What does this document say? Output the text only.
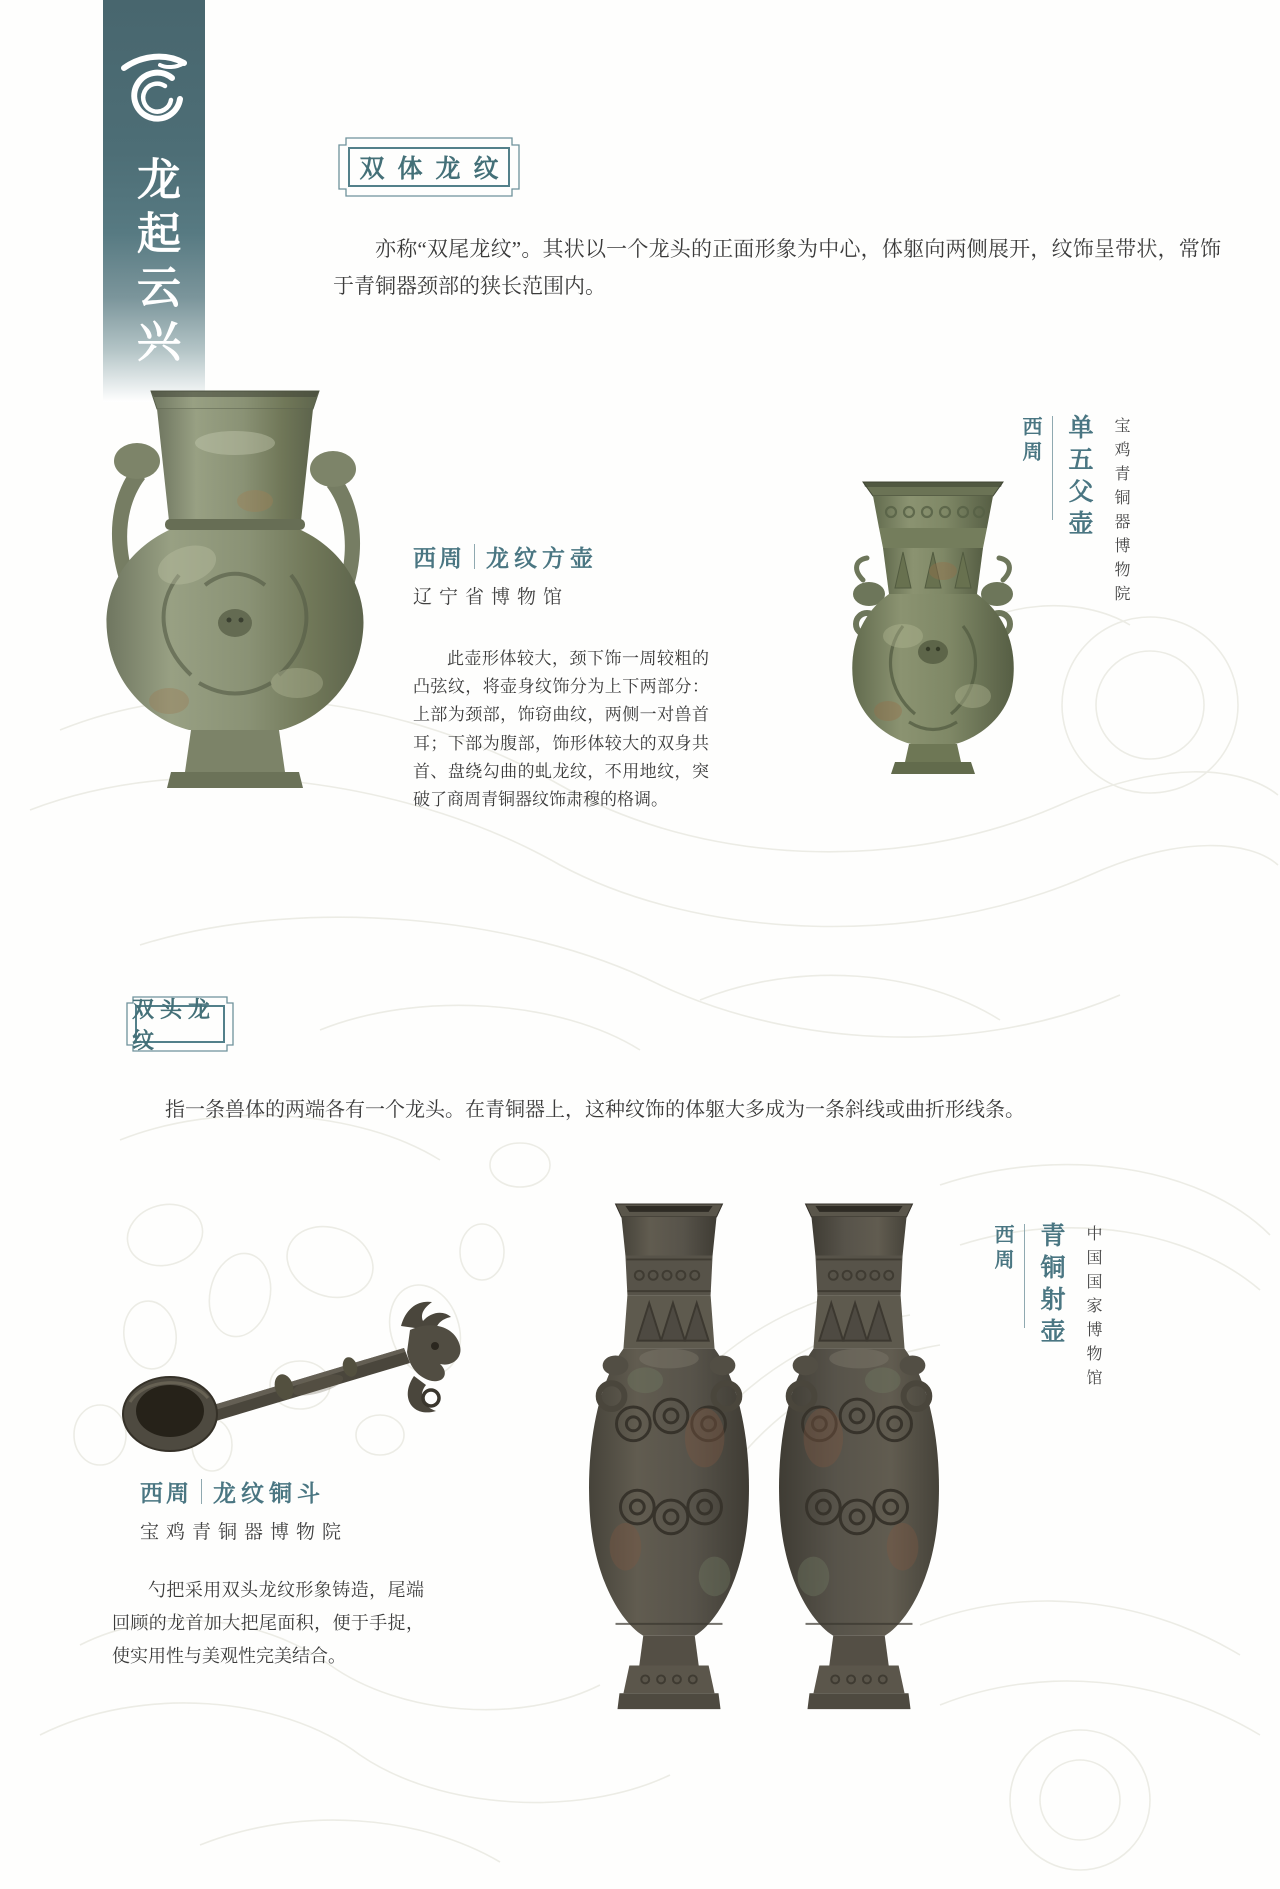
龙起云兴	双体龙纹

亦称“双尾龙纹”。其状以一个龙头的正面形象为中心，体躯向两侧展开，纹饰呈带状，常饰于青铜器颈部的狭长范围内。

西周 龙纹方壶
辽宁省博物馆

此壶形体较大，颈下饰一周较粗的凸弦纹，将壶身纹饰分为上下两部分：上部为颈部，饰窃曲纹，两侧一对兽首耳；下部为腹部，饰形体较大的双身共首、盘绕勾曲的虬龙纹，不用地纹，突破了商周青铜器纹饰肃穆的格调。

西周 单五父壶 宝鸡青铜器博物院
双头龙纹

指一条兽体的两端各有一个龙头。在青铜器上，这种纹饰的体躯大多成为一条斜线或曲折形线条。

西周 龙纹铜斗
宝鸡青铜器博物院

勺把采用双头龙纹形象铸造，尾端回顾的龙首加大把尾面积，便于手捉，使实用性与美观性完美结合。

西周 青铜射壶 中国国家博物馆
